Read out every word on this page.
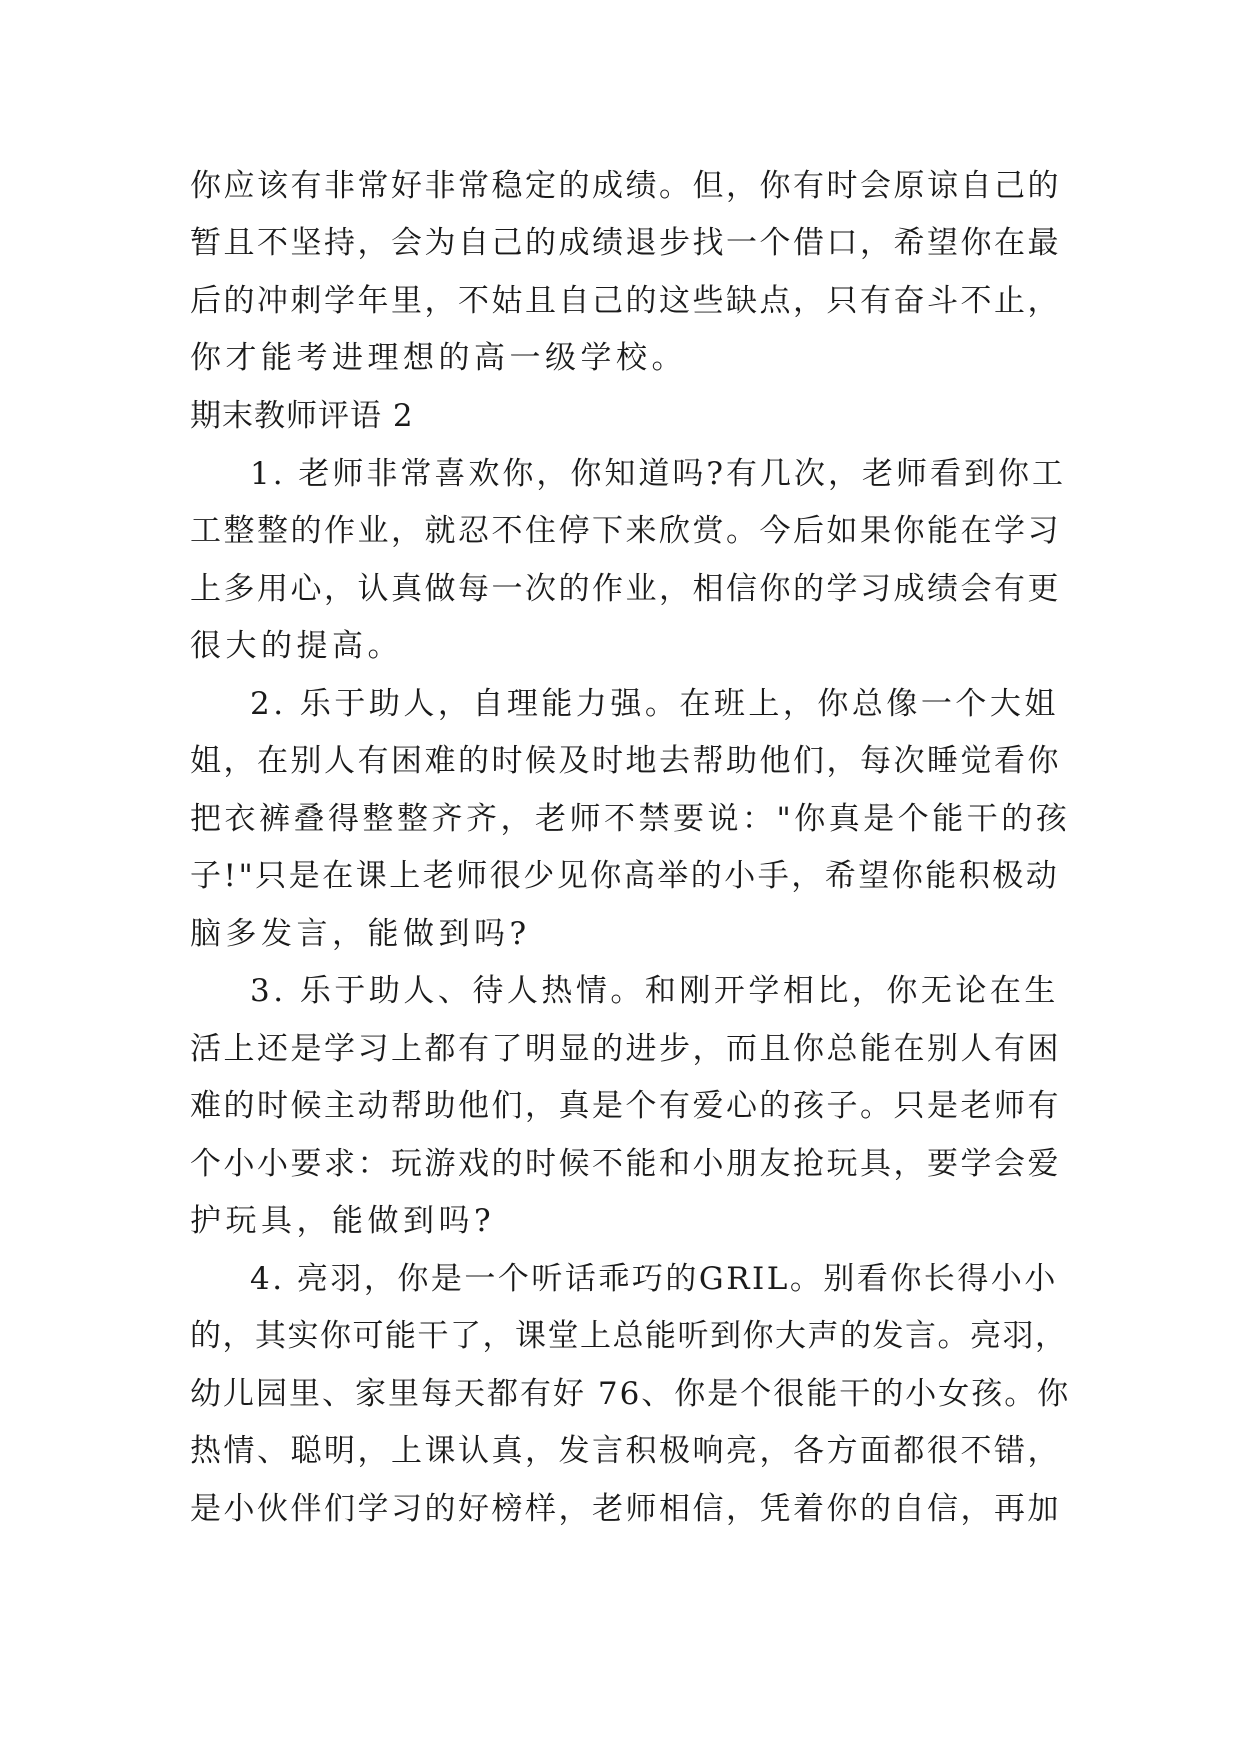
你应该有非常好非常稳定的成绩。但，你有时会原谅自己的
暂且不坚持，会为自己的成绩退步找一个借口，希望你在最
后的冲刺学年里，不姑且自己的这些缺点，只有奋斗不止，
你才能考进理想的高一级学校。
期末教师评语 2
1. 老师非常喜欢你，你知道吗?有几次，老师看到你工
工整整的作业，就忍不住停下来欣赏。今后如果你能在学习
上多用心，认真做每一次的作业，相信你的学习成绩会有更
很大的提高。
2. 乐于助人，自理能力强。在班上，你总像一个大姐
姐，在别人有困难的时候及时地去帮助他们，每次睡觉看你
把衣裤叠得整整齐齐，老师不禁要说："你真是个能干的孩
子!"只是在课上老师很少见你高举的小手，希望你能积极动
脑多发言，能做到吗?
3. 乐于助人、待人热情。和刚开学相比，你无论在生
活上还是学习上都有了明显的进步，而且你总能在别人有困
难的时候主动帮助他们，真是个有爱心的孩子。只是老师有
个小小要求：玩游戏的时候不能和小朋友抢玩具，要学会爱
护玩具，能做到吗?
4. 亮羽，你是一个听话乖巧的GRIL。别看你长得小小
的，其实你可能干了，课堂上总能听到你大声的发言。亮羽，
幼儿园里、家里每天都有好 76、你是个很能干的小女孩。你
热情、聪明，上课认真，发言积极响亮，各方面都很不错，
是小伙伴们学习的好榜样，老师相信，凭着你的自信，再加
